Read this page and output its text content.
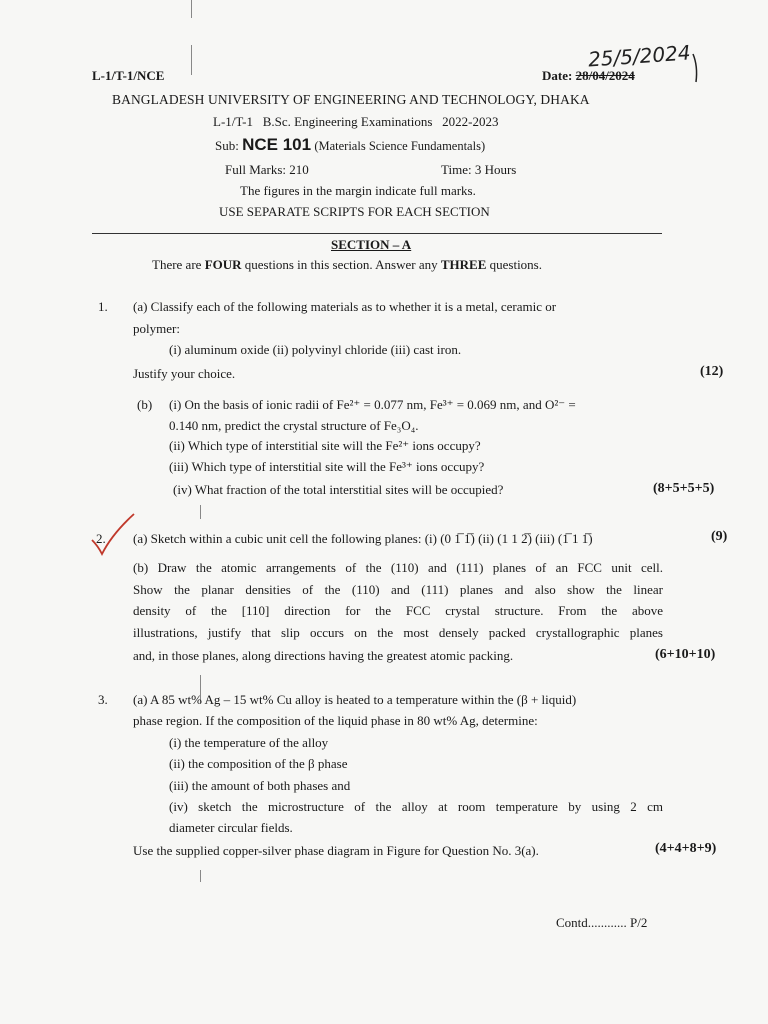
L-1/T-1/NCE	Date: 28/04/2024
25/5/2024
BANGLADESH UNIVERSITY OF ENGINEERING AND TECHNOLOGY, DHAKA
L-1/T-1   B.Sc. Engineering Examinations   2022-2023
Sub: NCE 101 (Materials Science Fundamentals)
Full Marks: 210	Time: 3 Hours
The figures in the margin indicate full marks.
USE SEPARATE SCRIPTS FOR EACH SECTION
SECTION – A
There are FOUR questions in this section. Answer any THREE questions.
1. (a) Classify each of the following materials as to whether it is a metal, ceramic or
polymer:
(i) aluminum oxide (ii) polyvinyl chloride (iii) cast iron.
Justify your choice.	(12)
(b) (i) On the basis of ionic radii of Fe²⁺ = 0.077 nm, Fe³⁺ = 0.069 nm, and O²⁻ =
0.140 nm, predict the crystal structure of Fe₃O₄.
(ii) Which type of interstitial site will the Fe²⁺ ions occupy?
(iii) Which type of interstitial site will the Fe³⁺ ions occupy?
(iv) What fraction of the total interstitial sites will be occupied?	(8+5+5+5)
2. (a) Sketch within a cubic unit cell the following planes: (i) (0 1̅ 1̅) (ii) (1 1 2̅) (iii) (1̅ 1 1̅)	(9)
(b) Draw the atomic arrangements of the (110) and (111) planes of an FCC unit cell.
Show the planar densities of the (110) and (111) planes and also show the linear
density of the [110] direction for the FCC crystal structure. From the above
illustrations, justify that slip occurs on the most densely packed crystallographic planes
and, in those planes, along directions having the greatest atomic packing.	(6+10+10)
3. (a) A 85 wt% Ag – 15 wt% Cu alloy is heated to a temperature within the (β + liquid)
phase region. If the composition of the liquid phase in 80 wt% Ag, determine:
(i) the temperature of the alloy
(ii) the composition of the β phase
(iii) the amount of both phases and
(iv) sketch the microstructure of the alloy at room temperature by using 2 cm
diameter circular fields.
Use the supplied copper-silver phase diagram in Figure for Question No. 3(a).	(4+4+8+9)
Contd............ P/2
